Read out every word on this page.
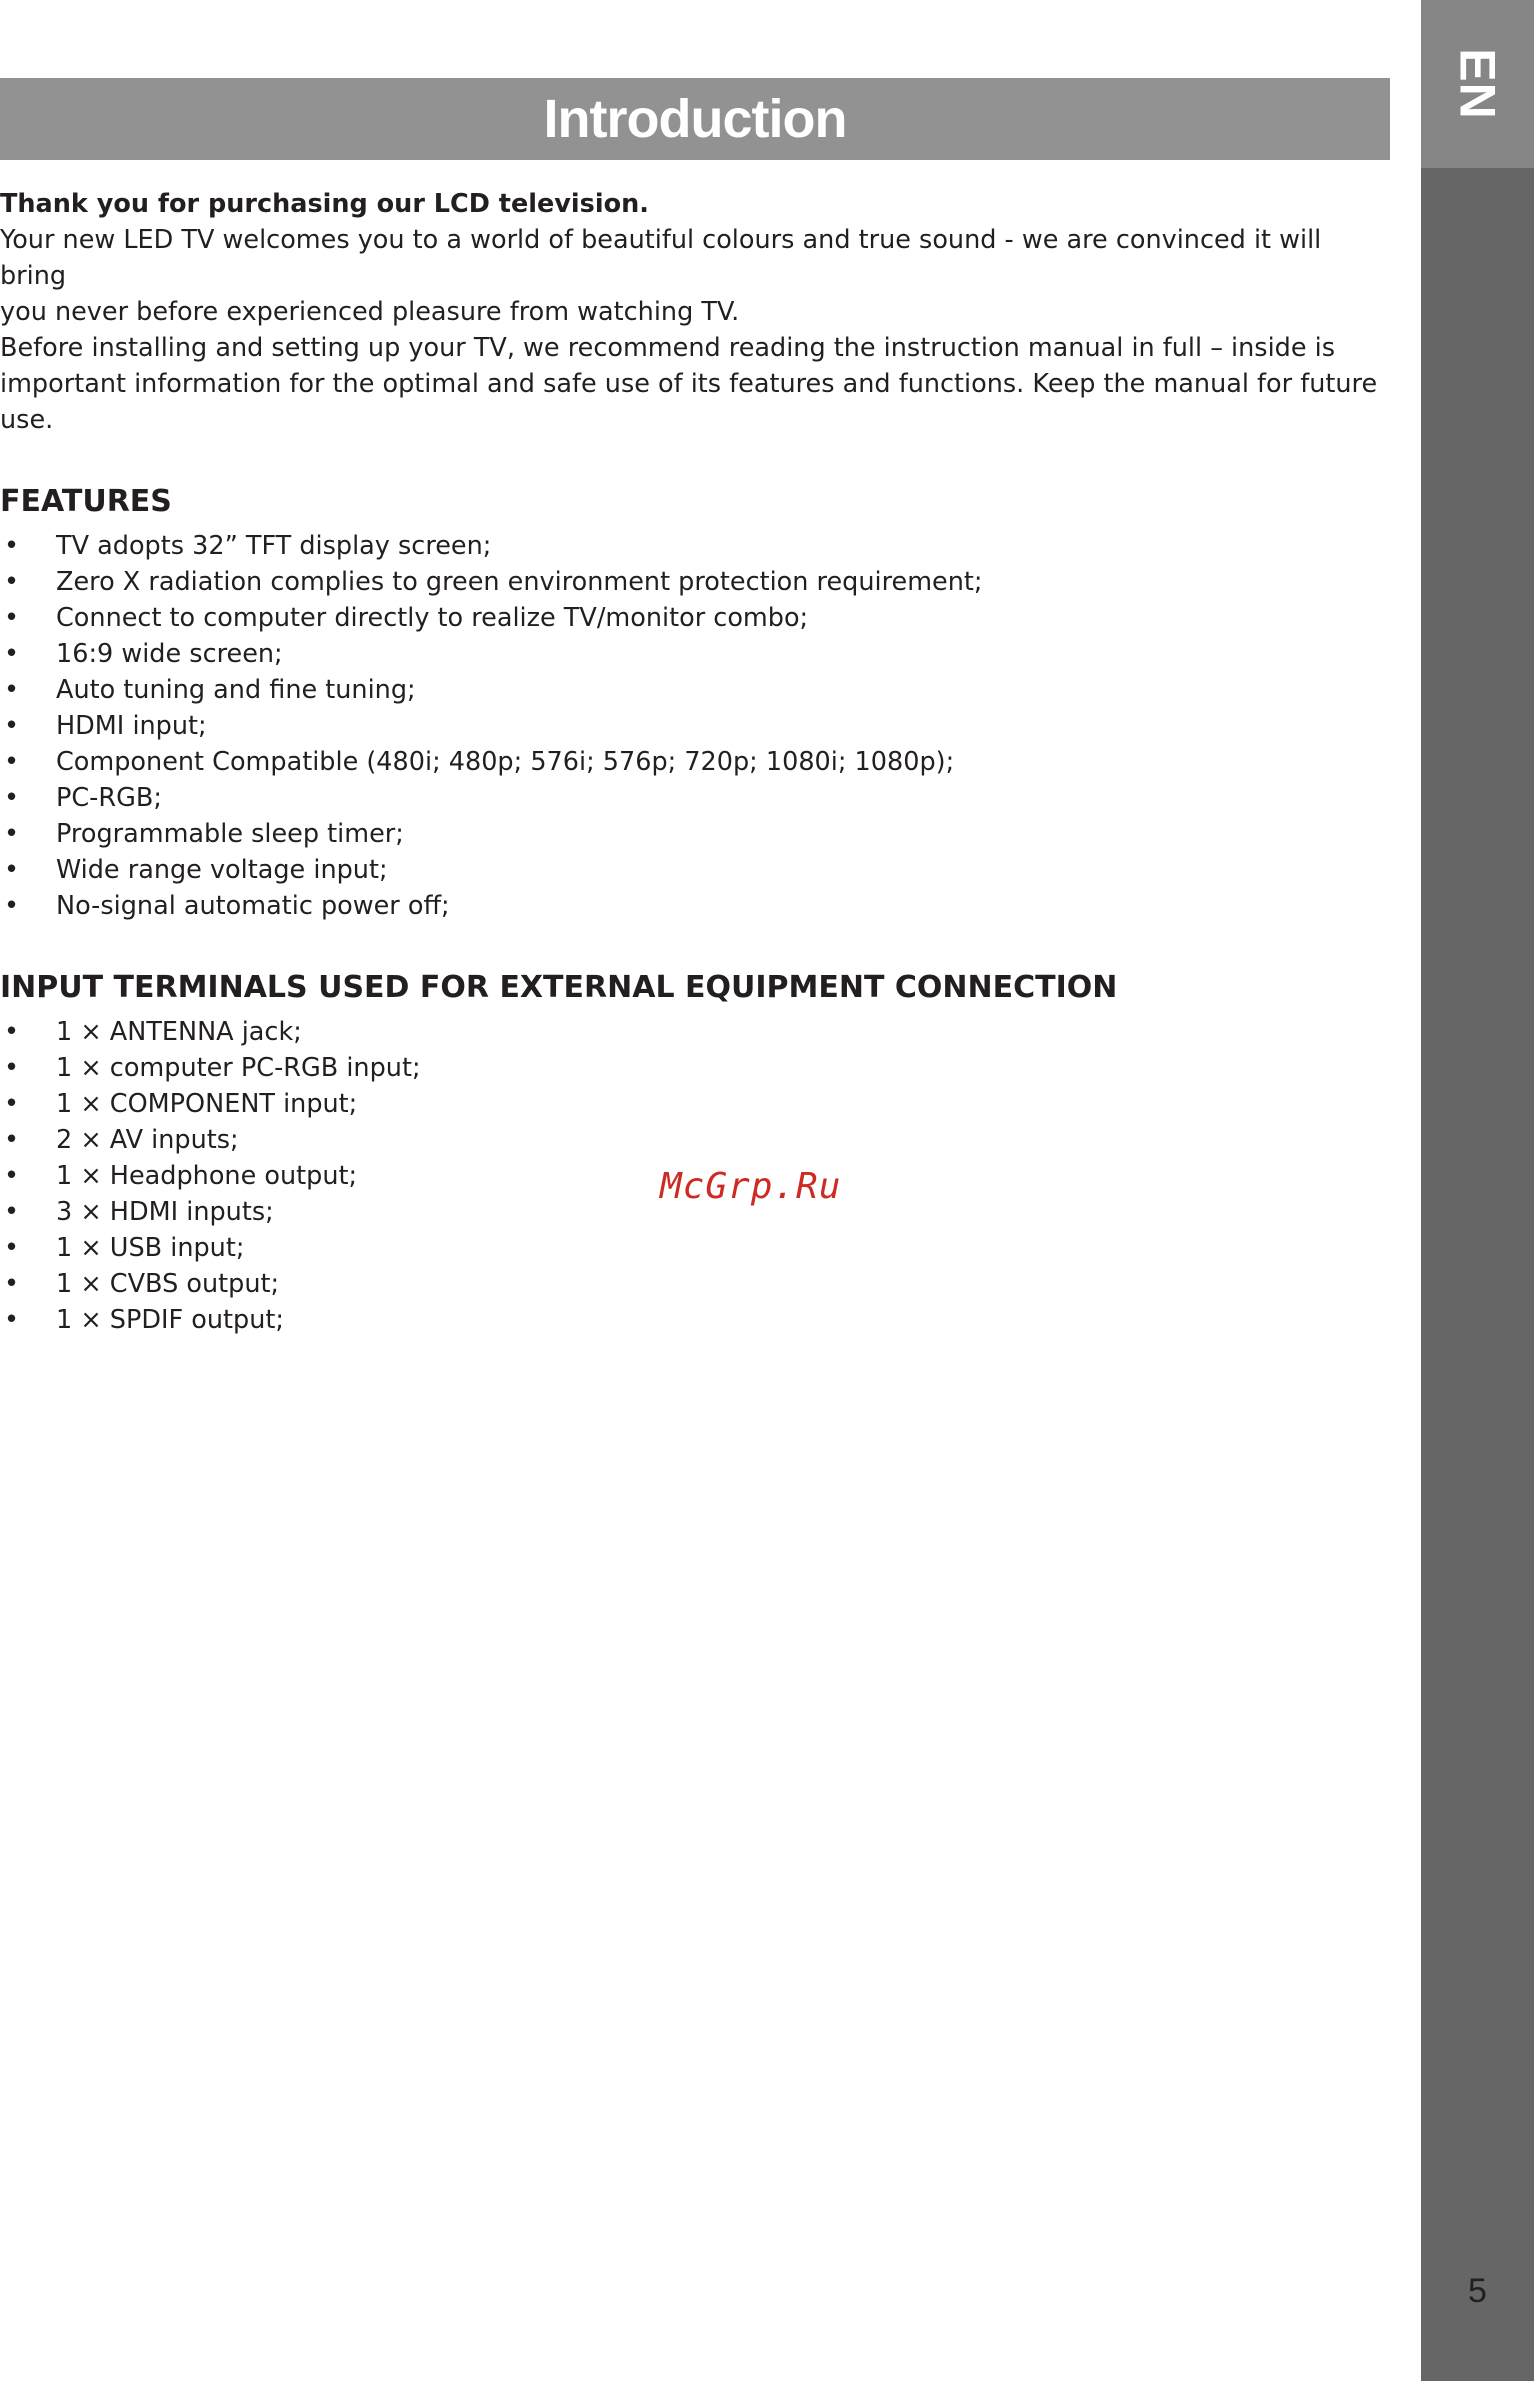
EN
Introduction

Thank you for purchasing our LCD television.

Your new LED TV welcomes you to a world of beautiful colours and true sound - we are convinced it will bring

you never before experienced pleasure from watching TV.

Before installing and setting up your TV, we recommend reading the instruction manual in full – inside is

important information for the optimal and safe use of its features and functions. Keep the manual for future use.

FEATURES
• TV adopts 32” TFT display screen;
• Zero X radiation complies to green environment protection requirement;
• Connect to computer directly to realize TV/monitor combo;
• 16:9 wide screen;
• Auto tuning and fine tuning;
• HDMI input;
• Component Compatible (480i; 480p; 576i; 576p; 720p; 1080i; 1080p);
• PC-RGB;
• Programmable sleep timer;
• Wide range voltage input;
• No-signal automatic power off;
INPUT TERMINALS USED FOR EXTERNAL EQUIPMENT CONNECTION
• 1 × ANTENNA jack;
• 1 × computer PC-RGB input;
• 1 × COMPONENT input;
• 2 × AV inputs;
• 1 × Headphone output;
• 3 × HDMI inputs;
• 1 × USB input;
• 1 × CVBS output;
• 1 × SPDIF output;
McGrp.Ru
5
